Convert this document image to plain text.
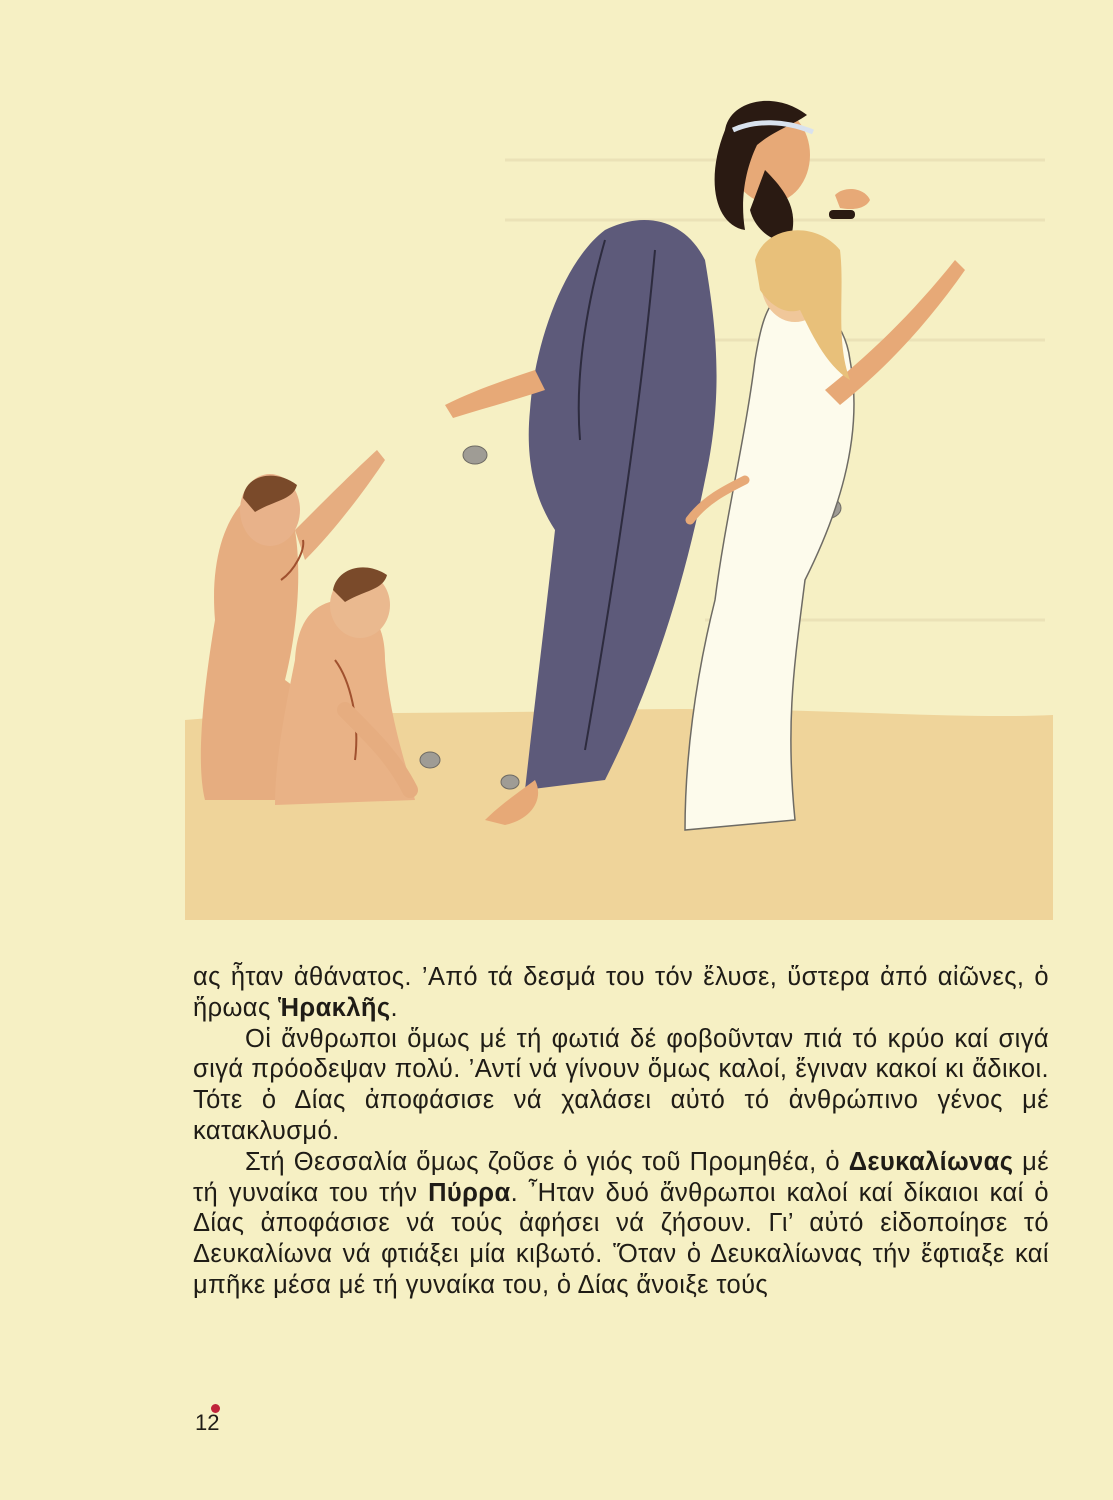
ας ἦταν ἀθάνατος. ’Από τά δεσμά του τόν ἔλυσε, ὕστερα ἀπό αἰῶνες, ὁ ἥρωας Ἡρακλῆς.

Οἱ ἄνθρωποι ὅμως μέ τή φωτιά δέ φοβοῦνταν πιά τό κρύο καί σιγά σιγά πρόοδεψαν πολύ. ’Αντί νά γίνουν ὅμως καλοί, ἔγιναν κακοί κι ἄδικοι. Τότε ὁ Δίας ἀποφάσισε νά χαλάσει αὐτό τό ἀνθρώπινο γένος μέ κατακλυσμό.

Στή Θεσσαλία ὅμως ζοῦσε ὁ γιός τοῦ Προμηθέα, ὁ Δευκαλίωνας μέ τή γυναίκα του τήν Πύρρα. ῏Ηταν δυό ἄνθρωποι καλοί καί δίκαιοι καί ὁ Δίας ἀποφάσισε νά τούς ἀφήσει νά ζήσουν. Γι’ αὐτό εἰδοποίησε τό Δευκαλίωνα νά φτιάξει μία κιβωτό. Ὅταν ὁ Δευκαλίωνας τήν ἔφτιαξε καί μπῆκε μέσα μέ τή γυναίκα του, ὁ Δίας ἄνοιξε τούς

12
